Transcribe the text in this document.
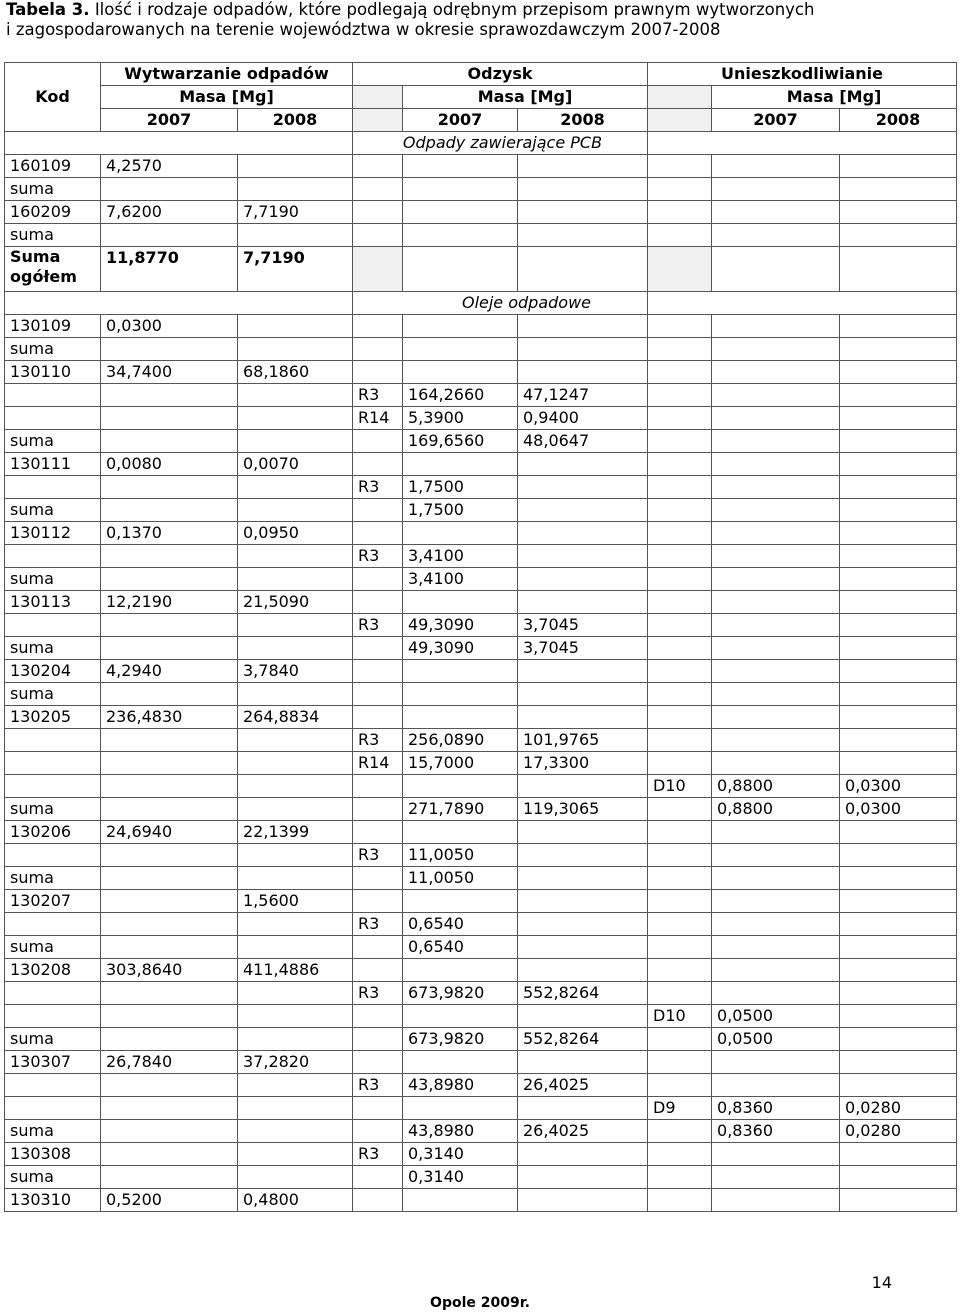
Tabela 3. Ilość i rodzaje odpadów, które podlegają odrębnym przepisom prawnym wytworzonych
i zagospodarowanych na terenie województwa w okresie sprawozdawczym 2007-2008
Kod	Wytwarzanie odpadów		Odzysk			Unieszkodliwianie		
	Masa [Mg]			Masa [Mg]			Masa [Mg]	
	2007	2008		2007	2008		2007	2008
			Odpady zawierające PCB					
160109	4,2570							
suma								
160209	7,6200	7,7190						
suma								

Suma
ogółem	11,8770	7,7190						
			Oleje odpadowe					
130109	0,0300							
suma								
130110	34,7400	68,1860						
			R3	164,2660	47,1247			
			R14	5,3900	0,9400			
suma				169,6560	48,0647			
130111	0,0080	0,0070						
			R3	1,7500				
suma				1,7500				
130112	0,1370	0,0950						
			R3	3,4100				
suma				3,4100				
130113	12,2190	21,5090						
			R3	49,3090	3,7045			
suma				49,3090	3,7045			
130204	4,2940	3,7840						
suma								
130205	236,4830	264,8834						
			R3	256,0890	101,9765			
			R14	15,7000	17,3300			
						D10	0,8800	0,0300
suma				271,7890	119,3065		0,8800	0,0300
130206	24,6940	22,1399						
			R3	11,0050				
suma				11,0050				
130207		1,5600						
			R3	0,6540				
suma				0,6540				
130208	303,8640	411,4886						
			R3	673,9820	552,8264			
						D10	0,0500	
suma				673,9820	552,8264		0,0500	
130307	26,7840	37,2820						
			R3	43,8980	26,4025			
						D9	0,8360	0,0280
suma				43,8980	26,4025		0,8360	0,0280
130308			R3	0,3140				
suma				0,3140				
130310	0,5200	0,4800						
14
Opole 2009r.
